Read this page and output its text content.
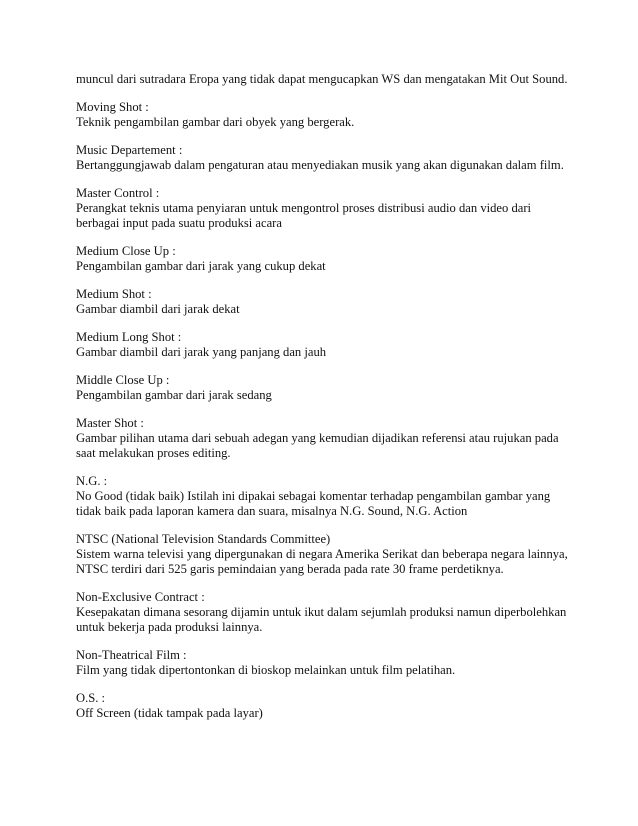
muncul dari sutradara Eropa yang tidak dapat mengucapkan WS dan mengatakan Mit Out Sound.

Moving Shot :
Teknik pengambilan gambar dari obyek yang bergerak.
Music Departement :
Bertanggungjawab dalam pengaturan atau menyediakan musik yang akan digunakan dalam film.
Master Control :
Perangkat teknis utama penyiaran untuk mengontrol proses distribusi audio dan video dari berbagai input pada suatu produksi acara
Medium Close Up :
Pengambilan gambar dari jarak yang cukup dekat
Medium Shot :
Gambar diambil dari jarak dekat
Medium Long Shot :
Gambar diambil dari jarak yang panjang dan jauh
Middle Close Up :
Pengambilan gambar dari jarak sedang
Master Shot :
Gambar pilihan utama dari sebuah adegan yang kemudian dijadikan referensi atau rujukan pada saat melakukan proses editing.
N.G. :
No Good (tidak baik) Istilah ini dipakai sebagai komentar terhadap pengambilan gambar yang tidak baik pada laporan kamera dan suara, misalnya N.G. Sound, N.G. Action
NTSC (National Television Standards Committee)
Sistem warna televisi yang dipergunakan di negara Amerika Serikat dan beberapa negara lainnya, NTSC terdiri dari 525 garis pemindaian yang berada pada rate 30 frame perdetiknya.
Non-Exclusive Contract :
Kesepakatan dimana sesorang dijamin untuk ikut dalam sejumlah produksi namun diperbolehkan untuk bekerja pada produksi lainnya.
Non-Theatrical Film :
Film yang tidak dipertontonkan di bioskop melainkan untuk film pelatihan.
O.S. :
Off Screen (tidak tampak pada layar)
